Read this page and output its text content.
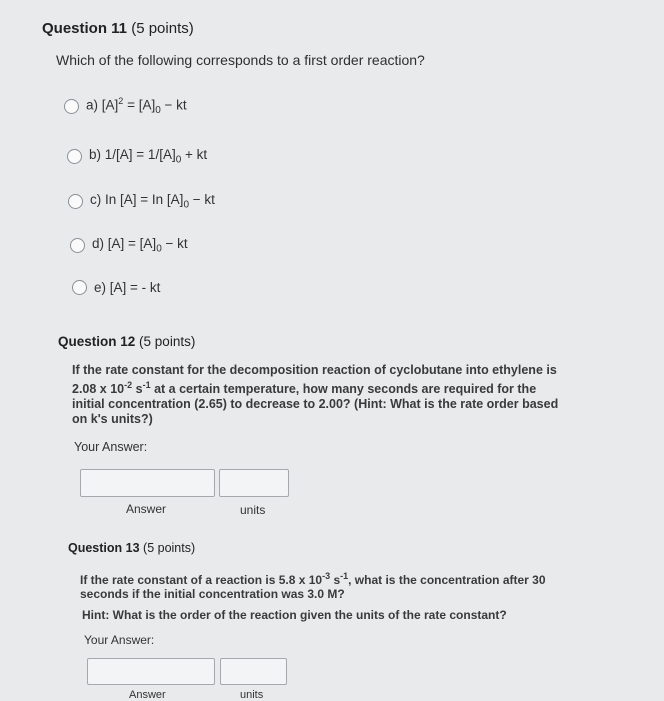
Question 11 (5 points)
Which of the following corresponds to a first order reaction?
a) $[A]^2 = [A]_0$ − kt
b) $1/[A] = 1/[A]_0$ + kt
c) In [A] = In $[A]_0$ − kt
d) $[A] = [A]_0$ − kt
e) [A] = - kt
Question 12 (5 points)
If the rate constant for the decomposition reaction of cyclobutane into ethylene is
2.08 x $10^{-2}$ $s^{-1}$ at a certain temperature, how many seconds are required for the
initial concentration (2.65) to decrease to 2.00? (Hint: What is the rate order based
on k's units?)
Your Answer:
Answer	units
Question 13 (5 points)
If the rate constant of a reaction is 5.8 x $10^{-3}$ $s^{-1}$, what is the concentration after 30
seconds if the initial concentration was 3.0 M?
Hint: What is the order of the reaction given the units of the rate constant?
Your Answer:
Answer	units
